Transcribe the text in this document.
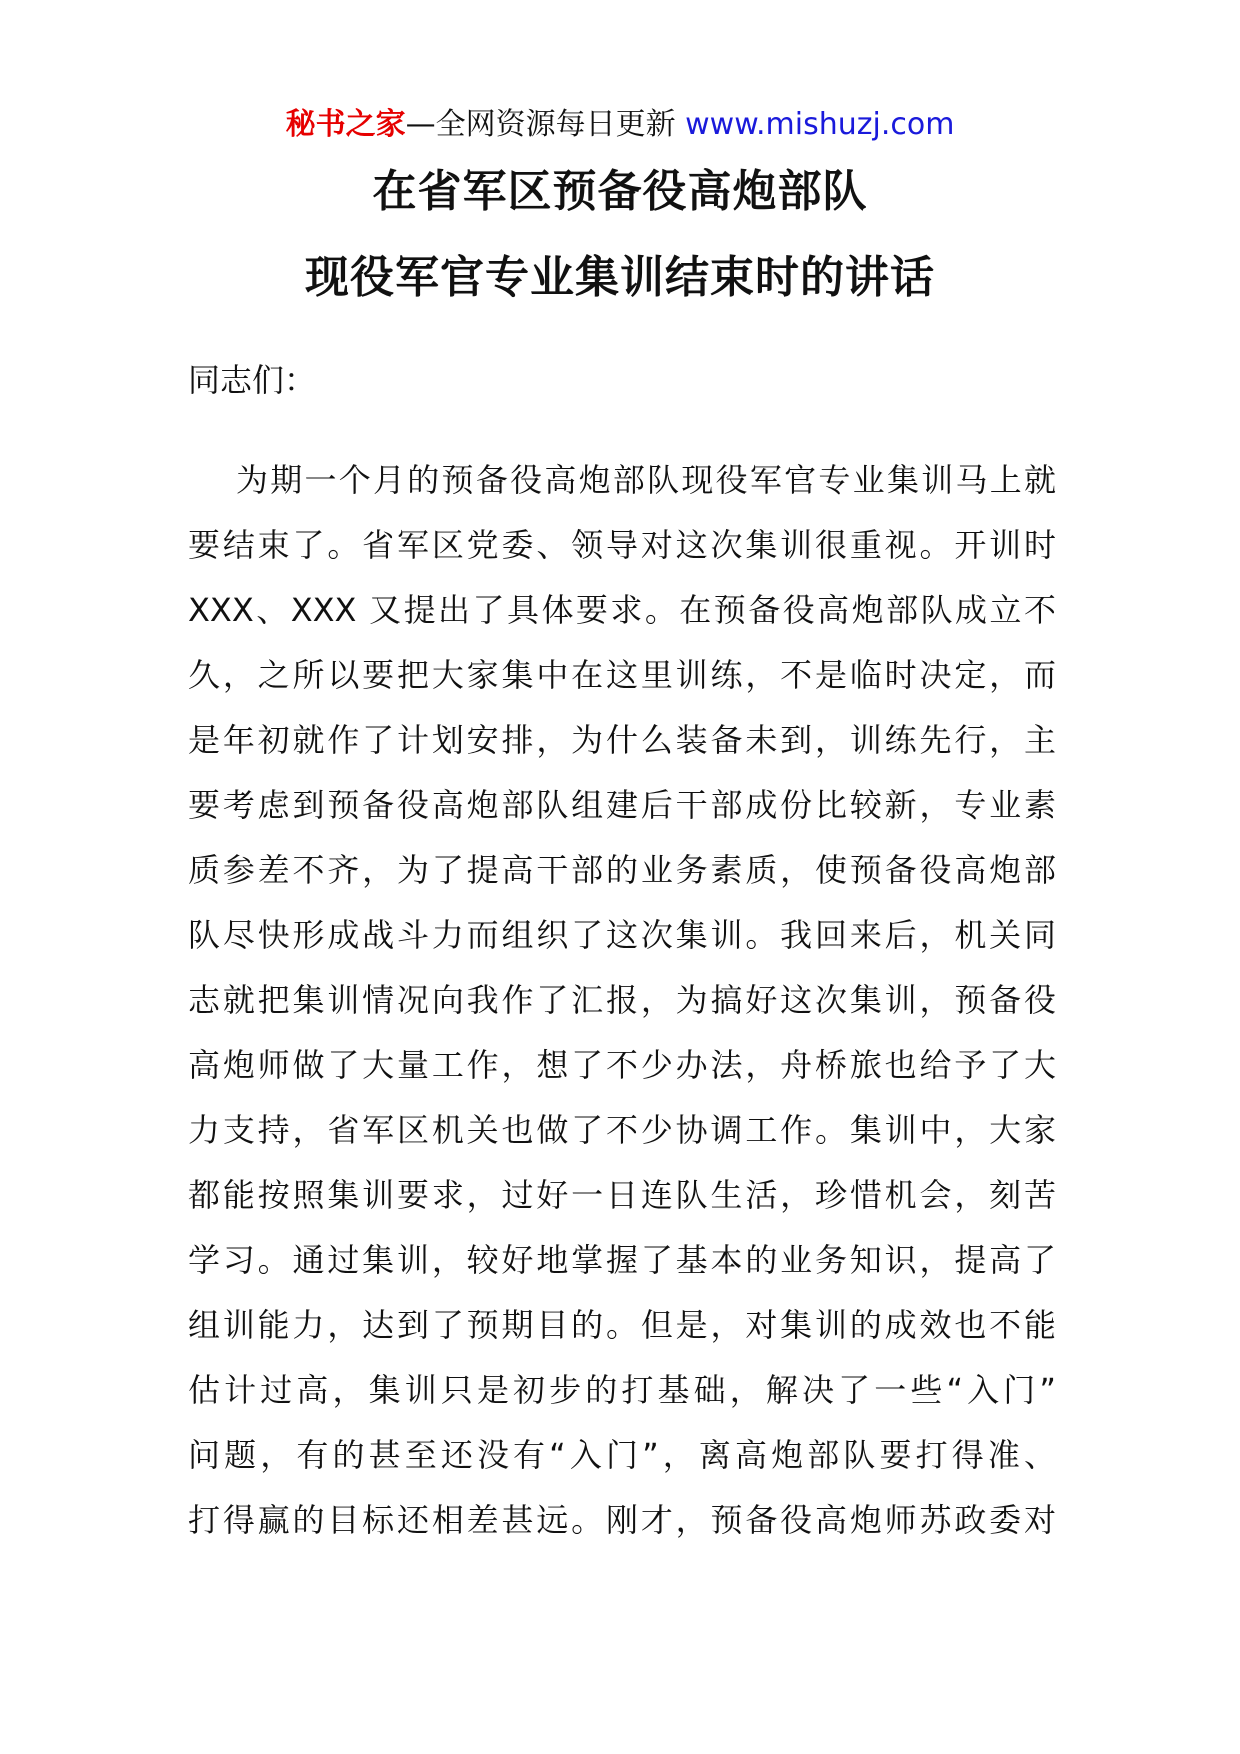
秘书之家—全网资源每日更新 www.mishuzj.com
在省军区预备役高炮部队
现役军官专业集训结束时的讲话
同志们：
为期一个月的预备役高炮部队现役军官专业集训马上就
要结束了。省军区党委、领导对这次集训很重视。开训时
XXX、XXX 又提出了具体要求。在预备役高炮部队成立不
久，之所以要把大家集中在这里训练，不是临时决定，而
是年初就作了计划安排，为什么装备未到，训练先行，主
要考虑到预备役高炮部队组建后干部成份比较新，专业素
质参差不齐，为了提高干部的业务素质，使预备役高炮部
队尽快形成战斗力而组织了这次集训。我回来后，机关同
志就把集训情况向我作了汇报，为搞好这次集训，预备役
高炮师做了大量工作，想了不少办法，舟桥旅也给予了大
力支持，省军区机关也做了不少协调工作。集训中，大家
都能按照集训要求，过好一日连队生活，珍惜机会，刻苦
学习。通过集训，较好地掌握了基本的业务知识，提高了
组训能力，达到了预期目的。但是，对集训的成效也不能
估计过高，集训只是初步的打基础，解决了一些“入门”
问题，有的甚至还没有“入门”，离高炮部队要打得准、
打得赢的目标还相差甚远。刚才，预备役高炮师苏政委对
